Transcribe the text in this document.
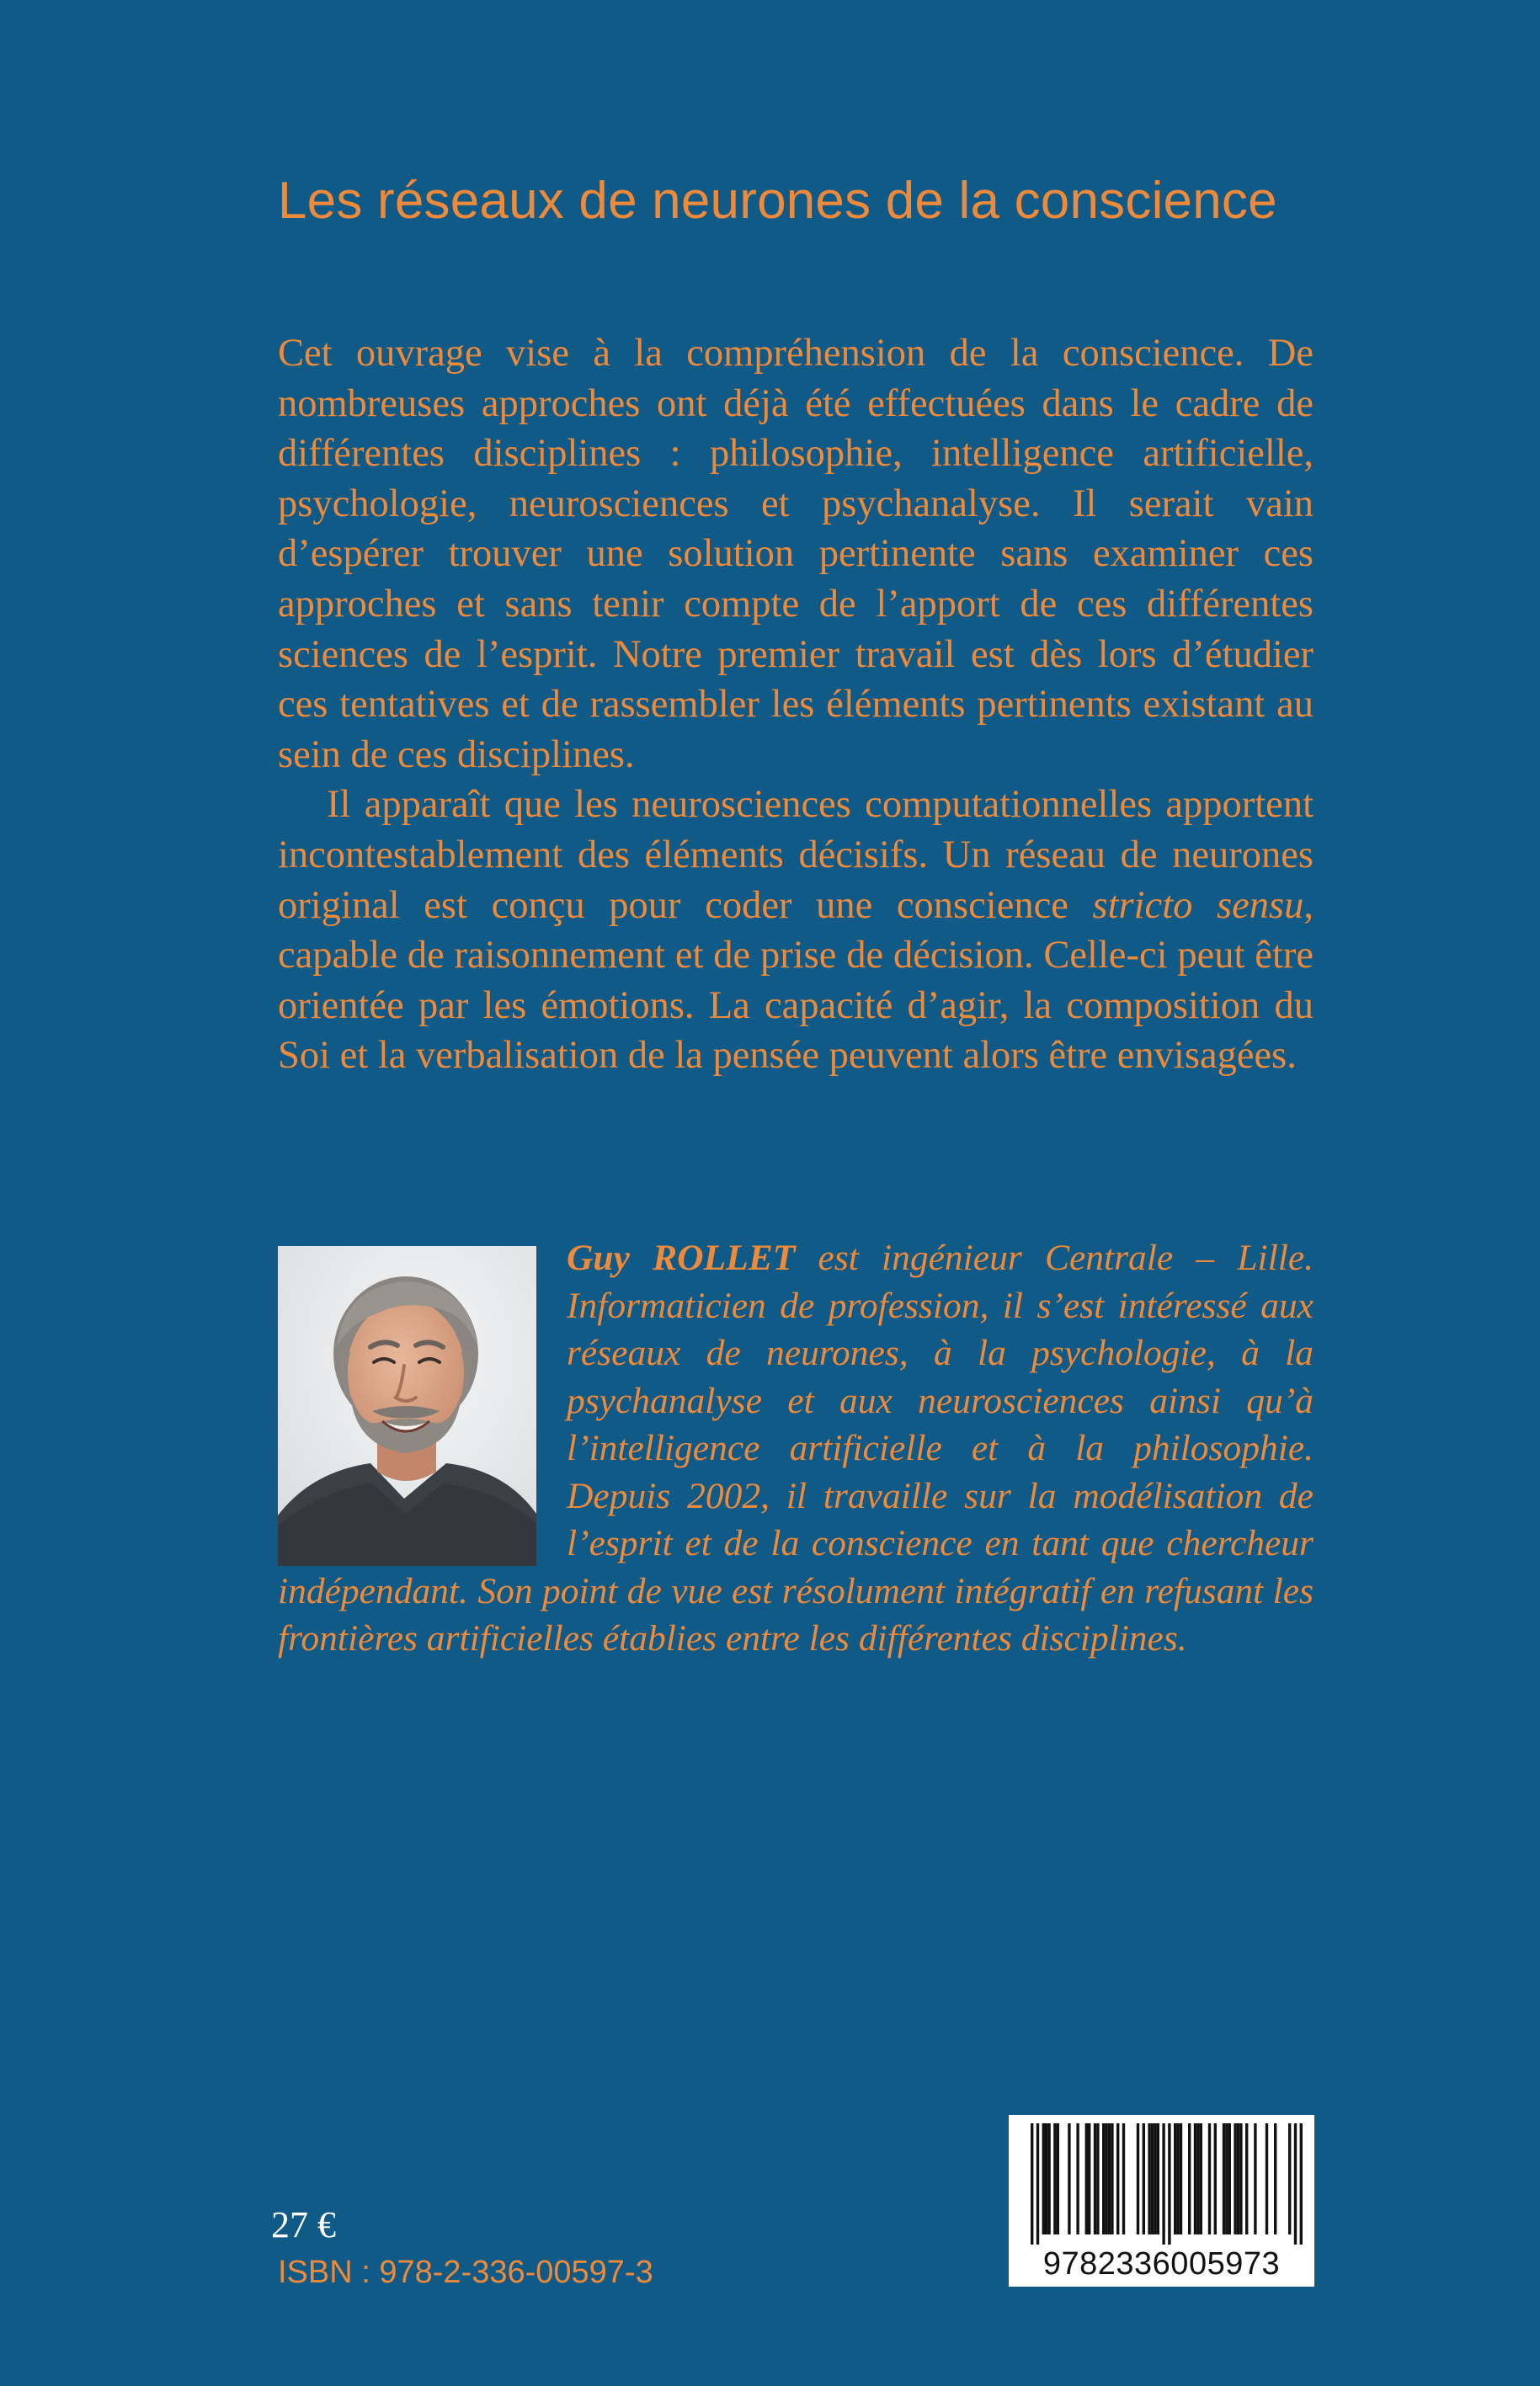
Les réseaux de neurones de la conscience

Cet ouvrage vise à la compréhension de la conscience. De nombreuses approches ont déjà été effectuées dans le cadre de différentes disciplines : philosophie, intelligence artificielle, psychologie, neurosciences et psychanalyse. Il serait vain d’espérer trouver une solution pertinente sans examiner ces approches et sans tenir compte de l’apport de ces différentes sciences de l’esprit. Notre premier travail est dès lors d’étudier ces tentatives et de rassembler les éléments pertinents existant au sein de ces disciplines.

Il apparaît que les neurosciences computationnelles apportent incontestablement des éléments décisifs. Un réseau de neurones original est conçu pour coder une conscience stricto sensu, capable de raisonnement et de prise de décision. Celle-ci peut être orientée par les émotions. La capacité d’agir, la composition du Soi et la verbalisation de la pensée peuvent alors être envisagées.

Guy ROLLET est ingénieur Centrale – Lille. Informaticien de profession, il s’est intéressé aux réseaux de neurones, à la psychologie, à la psychanalyse et aux neurosciences ainsi qu’à l’intelligence artificielle et à la philosophie. Depuis 2002, il travaille sur la modélisation de l’esprit et de la conscience en tant que chercheur indépendant. Son point de vue est résolument intégratif en refusant les frontières artificielles établies entre les différentes disciplines.
27 €
ISBN : 978-2-336-00597-3	9782336005973
